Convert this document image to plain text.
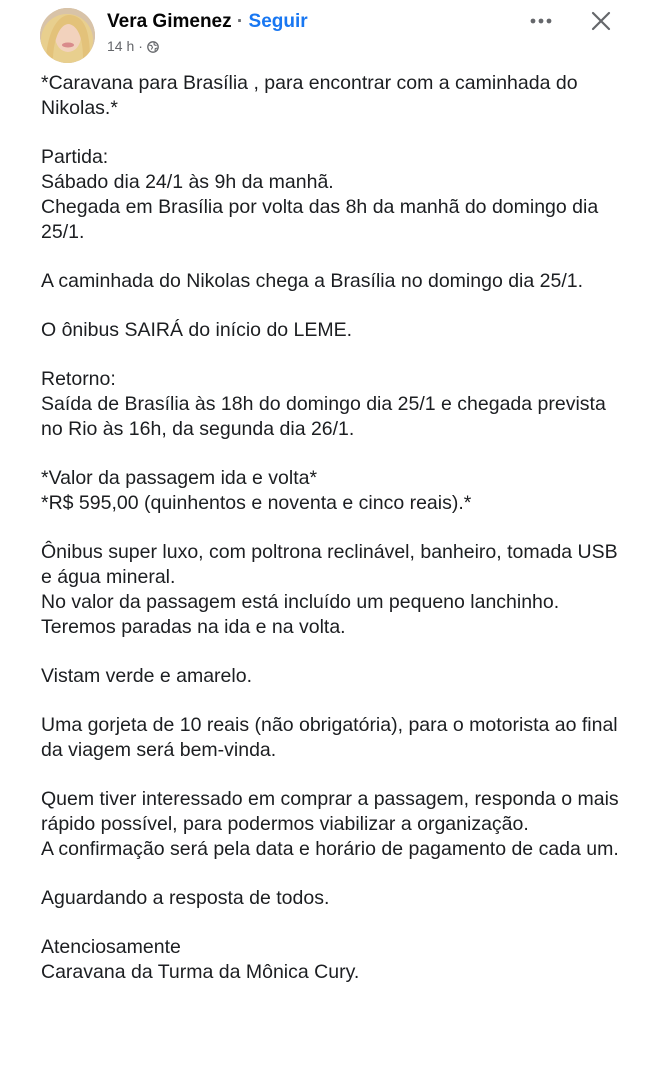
Vera Gimenez · Seguir
14 h ·

*Caravana para Brasília , para encontrar com a caminhada do Nikolas.*

Partida:
Sábado dia 24/1 às 9h da manhã.
Chegada em Brasília por volta das 8h da manhã do domingo dia 25/1.

A caminhada do Nikolas chega a Brasília no domingo dia 25/1.

O ônibus SAIRÁ do início do LEME.

Retorno:
Saída de Brasília às 18h do domingo dia 25/1 e chegada prevista no Rio às 16h, da segunda dia 26/1.

*Valor da passagem ida e volta*
*R$ 595,00 (quinhentos e noventa e cinco reais).*

Ônibus super luxo, com poltrona reclinável, banheiro, tomada USB e água mineral.
No valor da passagem está incluído um pequeno lanchinho.
Teremos paradas na ida e na volta.

Vistam verde e amarelo.

Uma gorjeta de 10 reais (não obrigatória), para o motorista ao final da viagem será bem-vinda.

Quem tiver interessado em comprar a passagem, responda o mais rápido possível, para podermos viabilizar a organização.
A confirmação será pela data e horário de pagamento de cada um.

Aguardando a resposta de todos.

Atenciosamente
Caravana da Turma da Mônica Cury.
